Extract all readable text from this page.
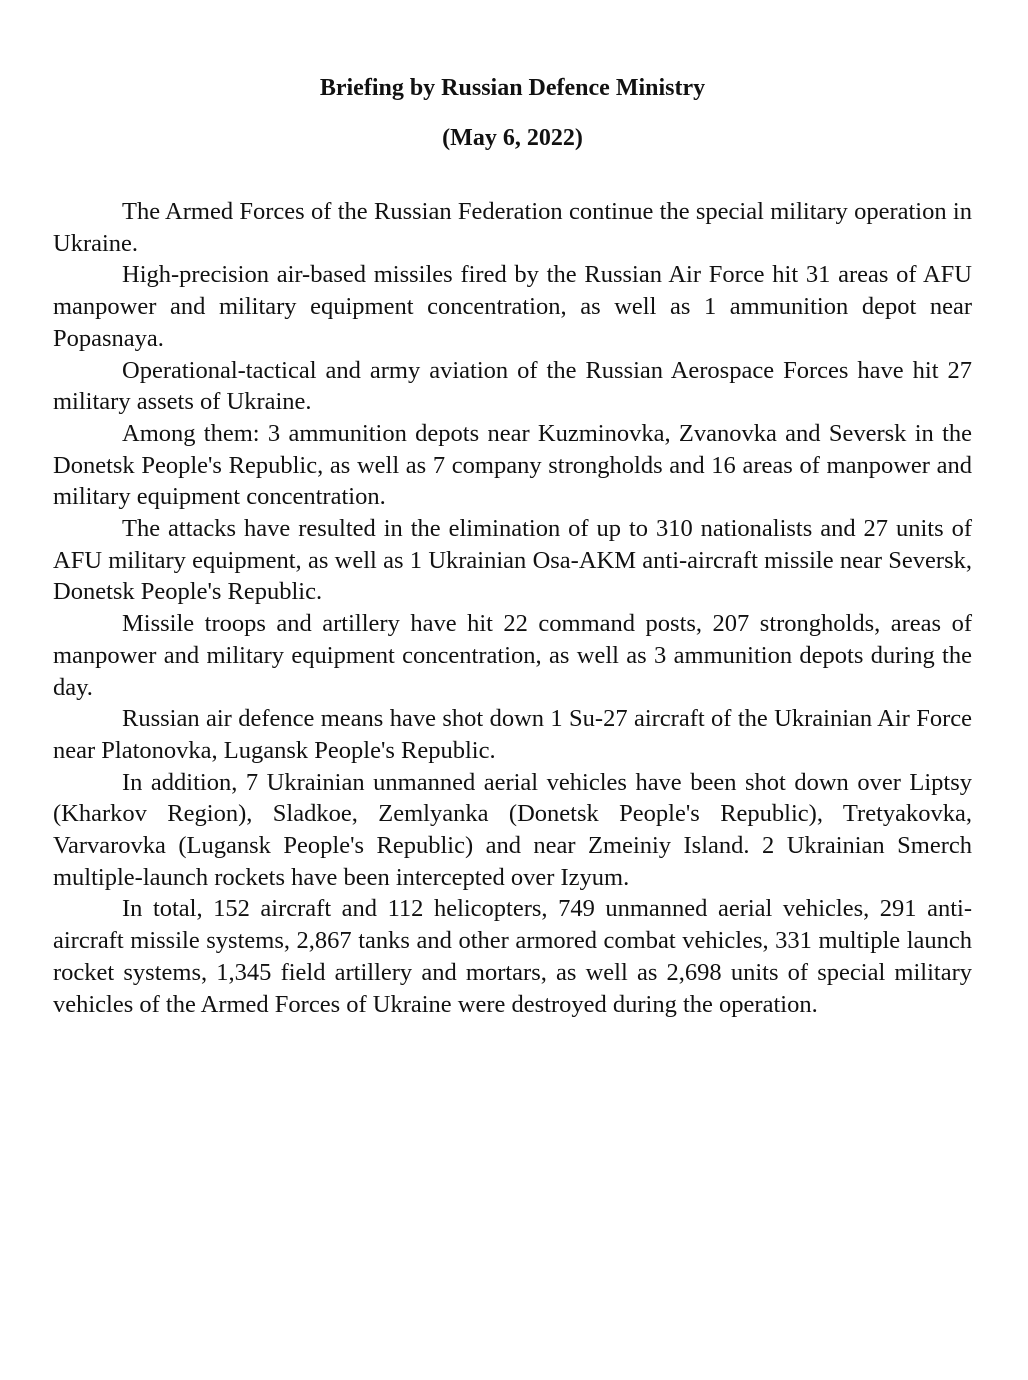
Briefing by Russian Defence Ministry

(May 6, 2022)

The Armed Forces of the Russian Federation continue the special military operation in Ukraine.

High-precision air-based missiles fired by the Russian Air Force hit 31 areas of AFU manpower and military equipment concentration, as well as 1 ammunition depot near Popasnaya.

Operational-tactical and army aviation of the Russian Aerospace Forces have hit 27 military assets of Ukraine.

Among them: 3 ammunition depots near Kuzminovka, Zvanovka and Seversk in the Donetsk People's Republic, as well as 7 company strongholds and 16 areas of manpower and military equipment concentration.

The attacks have resulted in the elimination of up to 310 nationalists and 27 units of AFU military equipment, as well as 1 Ukrainian Osa-AKM anti-aircraft missile near Seversk, Donetsk People's Republic.

Missile troops and artillery have hit 22 command posts, 207 strongholds, areas of manpower and military equipment concentration, as well as 3 ammunition depots during the day.

Russian air defence means have shot down 1 Su-27 aircraft of the Ukrainian Air Force near Platonovka, Lugansk People's Republic.

In addition, 7 Ukrainian unmanned aerial vehicles have been shot down over Liptsy (Kharkov Region), Sladkoe, Zemlyanka (Donetsk People's Republic), Tretyakovka, Varvarovka (Lugansk People's Republic) and near Zmeiniy Island. 2 Ukrainian Smerch multiple-launch rockets have been intercepted over Izyum.

In total, 152 aircraft and 112 helicopters, 749 unmanned aerial vehicles, 291 anti-aircraft missile systems, 2,867 tanks and other armored combat vehicles, 331 multiple launch rocket systems, 1,345 field artillery and mortars, as well as 2,698 units of special military vehicles of the Armed Forces of Ukraine were destroyed during the operation.
